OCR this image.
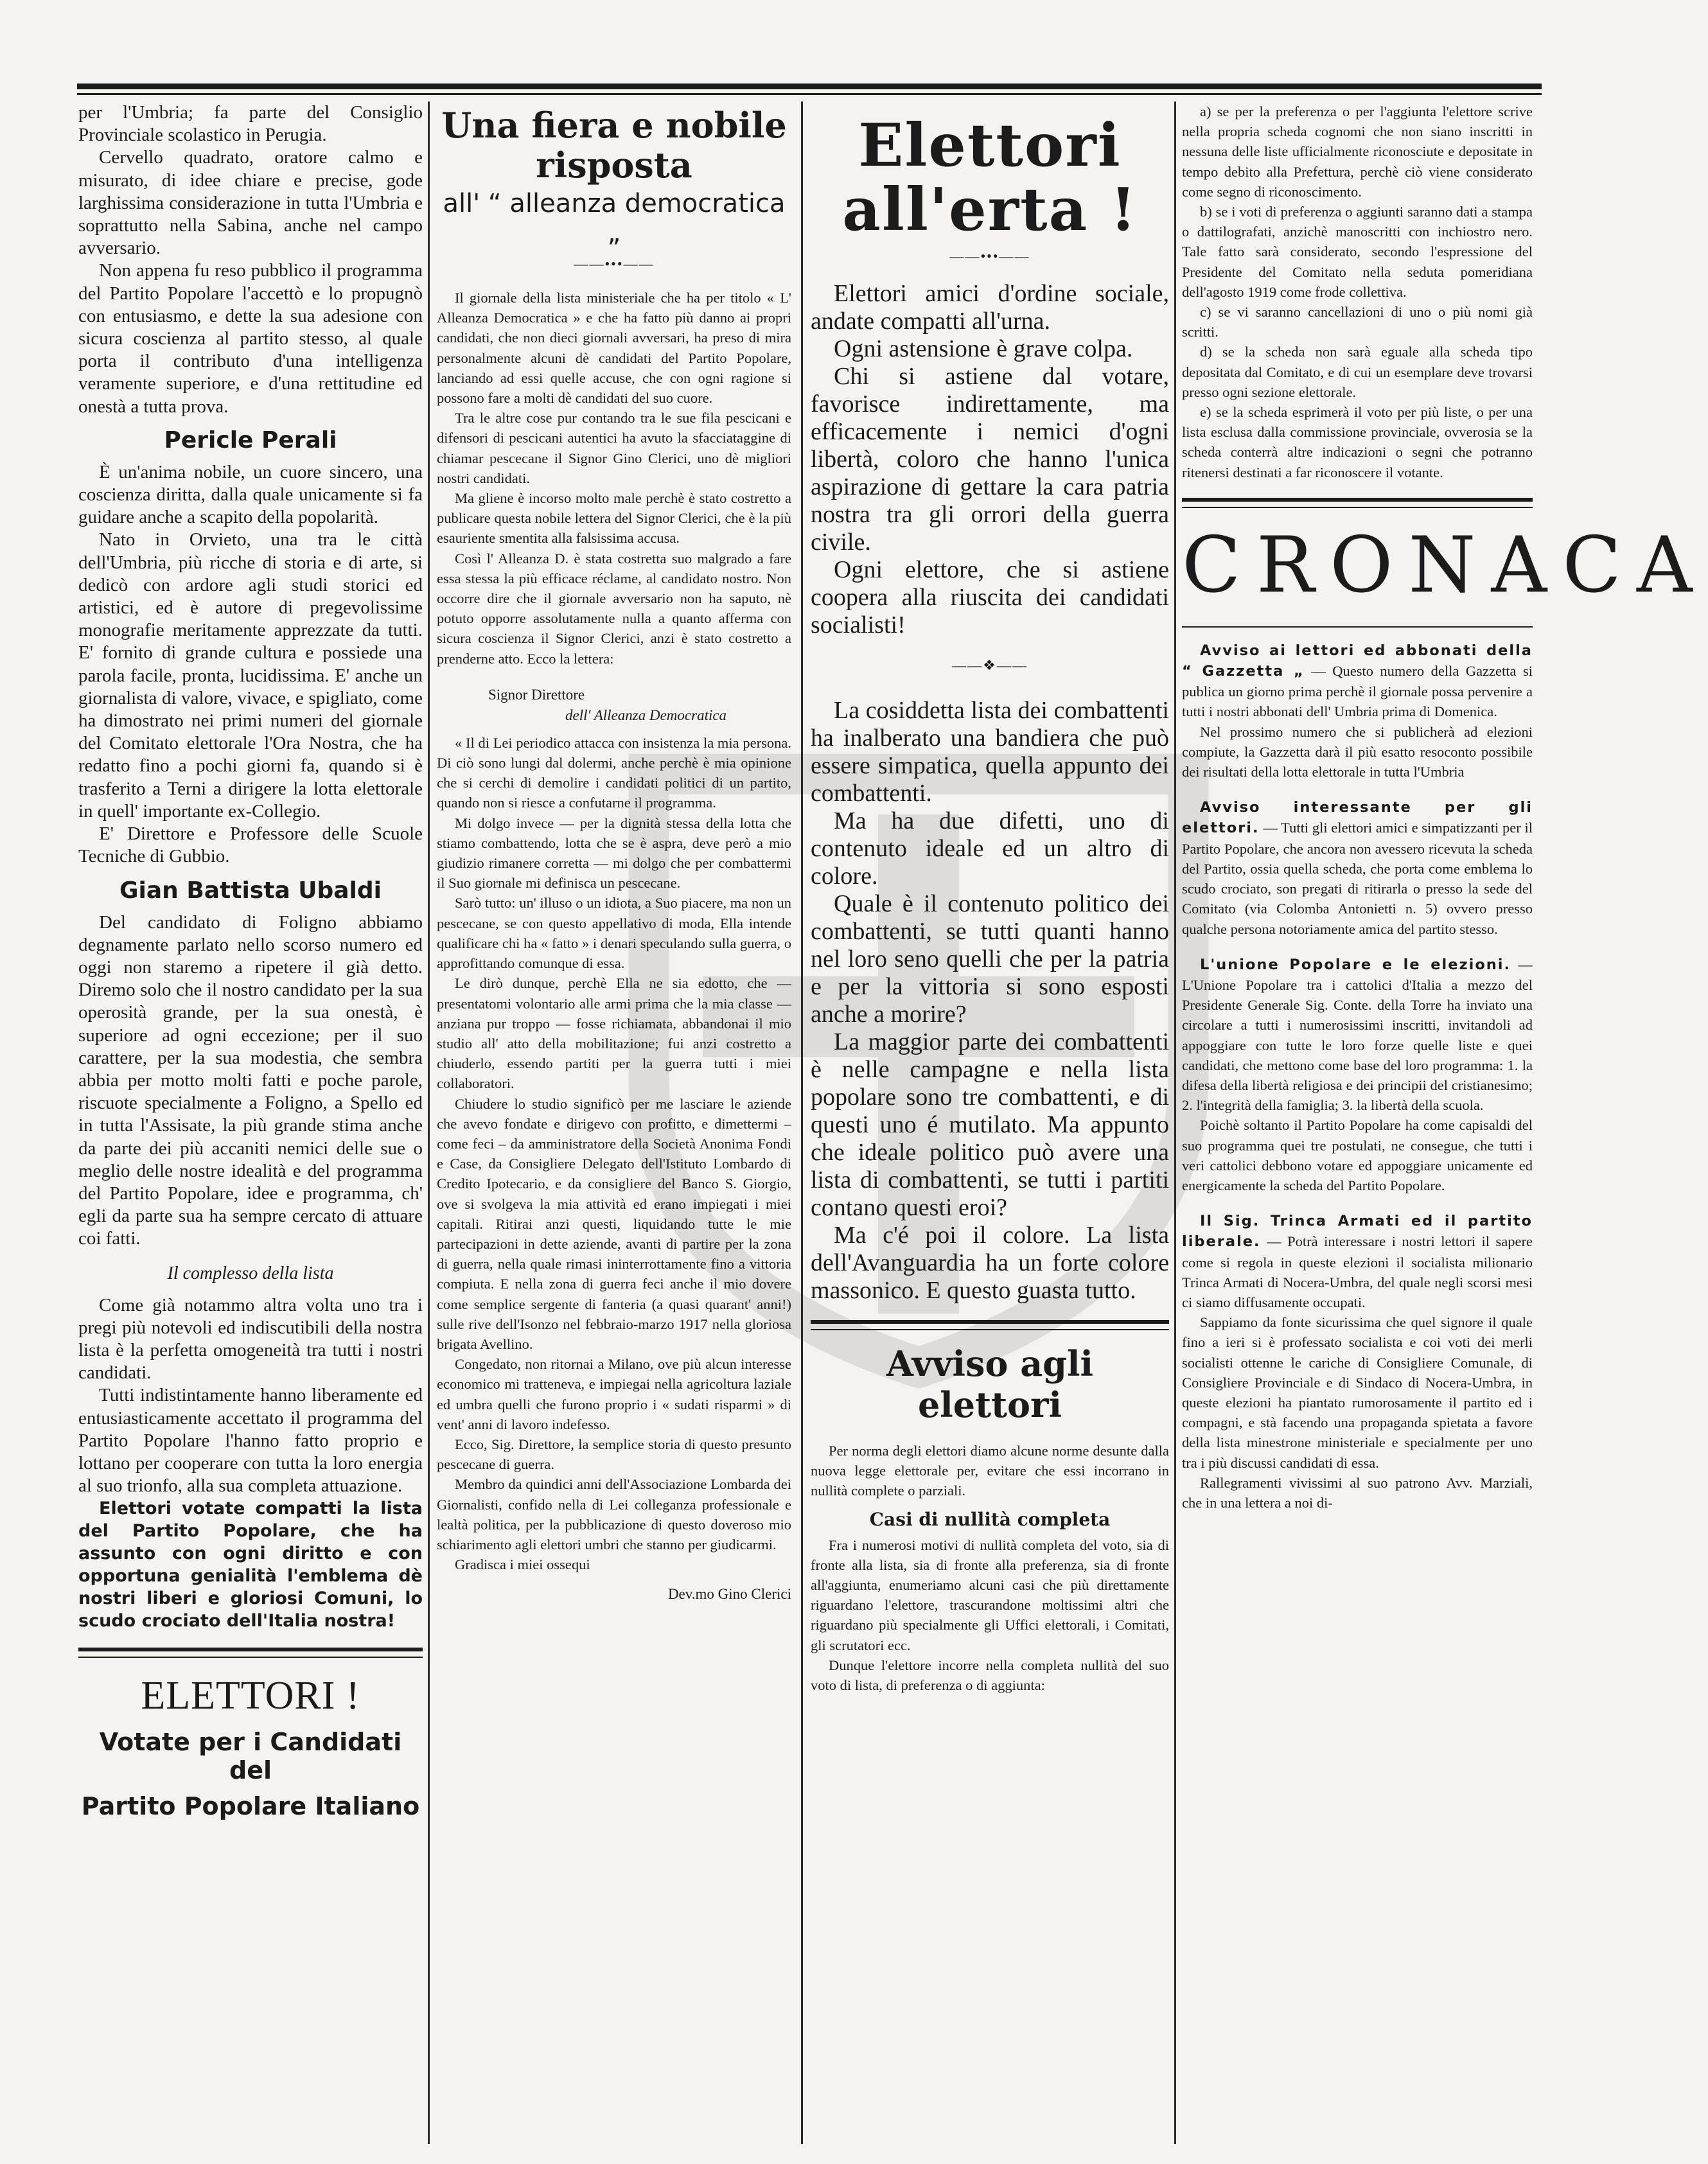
per l'Umbria; fa parte del Consiglio Provinciale scolastico in Perugia.

Cervello quadrato, oratore calmo e misurato, di idee chiare e precise, gode larghissima considerazione in tutta l'Umbria e soprattutto nella Sabina, anche nel campo avversario.

Non appena fu reso pubblico il programma del Partito Popolare l'accettò e lo propugnò con entusiasmo, e dette la sua adesione con sicura coscienza al partito stesso, al quale porta il contributo d'una intelligenza veramente superiore, e d'una rettitudine ed onestà a tutta prova.

Pericle Perali

È un'anima nobile, un cuore sincero, una coscienza diritta, dalla quale unicamente si fa guidare anche a scapito della popolarità.

Nato in Orvieto, una tra le città dell'Umbria, più ricche di storia e di arte, si dedicò con ardore agli studi storici ed artistici, ed è autore di pregevolissime monografie meritamente apprezzate da tutti. E' fornito di grande cultura e possiede una parola facile, pronta, lucidissima. E' anche un giornalista di valore, vivace, e spigliato, come ha dimostrato nei primi numeri del giornale del Comitato elettorale l'Ora Nostra, che ha redatto fino a pochi giorni fa, quando si è trasferito a Terni a dirigere la lotta elettorale in quell' importante ex-Collegio.

E' Direttore e Professore delle Scuole Tecniche di Gubbio.

Gian Battista Ubaldi

Del candidato di Foligno abbiamo degnamente parlato nello scorso numero ed oggi non staremo a ripetere il già detto. Diremo solo che il nostro candidato per la sua operosità grande, per la sua onestà, è superiore ad ogni eccezione; per il suo carattere, per la sua modestia, che sembra abbia per motto molti fatti e poche parole, riscuote specialmente a Foligno, a Spello ed in tutta l'Assisate, la più grande stima anche da parte dei più accaniti nemici delle sue o meglio delle nostre idealità e del programma del Partito Popolare, idee e programma, ch' egli da parte sua ha sempre cercato di attuare coi fatti.

Il complesso della lista

Come già notammo altra volta uno tra i pregi più notevoli ed indiscutibili della nostra lista è la perfetta omogeneità tra tutti i nostri candidati.

Tutti indistintamente hanno liberamente ed entusiasticamente accettato il programma del Partito Popolare l'hanno fatto proprio e lottano per cooperare con tutta la loro energia al suo trionfo, alla sua completa attuazione.

Elettori votate compatti la lista del Partito Popolare, che ha assunto con ogni diritto e con opportuna genialità l'emblema dè nostri liberi e gloriosi Comuni, lo scudo crociato dell'Italia nostra!

ELETTORI !
Votate per i Candidati del
Partito Popolare Italiano
Una fiera e nobile risposta
all' “ alleanza democratica „
——•••——

Il giornale della lista ministeriale che ha per titolo « L' Alleanza Democratica » e che ha fatto più danno ai propri candidati, che non dieci giornali avversari, ha preso di mira personalmente alcuni dè candidati del Partito Popolare, lanciando ad essi quelle accuse, che con ogni ragione si possono fare a molti dè candidati del suo cuore.

Tra le altre cose pur contando tra le sue fila pescicani e difensori di pescicani autentici ha avuto la sfacciataggine di chiamar pescecane il Signor Gino Clerici, uno dè migliori nostri candidati.

Ma gliene è incorso molto male perchè è stato costretto a publicare questa nobile lettera del Signor Clerici, che è la più esauriente smentita alla falsissima accusa.

Così l' Alleanza D. è stata costretta suo malgrado a fare essa stessa la più efficace réclame, al candidato nostro. Non occorre dire che il giornale avversario non ha saputo, nè potuto opporre assolutamente nulla a quanto afferma con sicura coscienza il Signor Clerici, anzi è stato costretto a prenderne atto. Ecco la lettera:

Signor Direttore
dell' Alleanza Democratica

« Il di Lei periodico attacca con insistenza la mia persona. Di ciò sono lungi dal dolermi, anche perchè è mia opinione che si cerchi di demolire i candidati politici di un partito, quando non si riesce a confutarne il programma.

Mi dolgo invece — per la dignità stessa della lotta che stiamo combattendo, lotta che se è aspra, deve però a mio giudizio rimanere corretta — mi dolgo che per combattermi il Suo giornale mi definisca un pescecane.

Sarò tutto: un' illuso o un idiota, a Suo piacere, ma non un pescecane, se con questo appellativo di moda, Ella intende qualificare chi ha « fatto » i denari speculando sulla guerra, o approfittando comunque di essa.

Le dirò dunque, perchè Ella ne sia edotto, che — presentatomi volontario alle armi prima che la mia classe — anziana pur troppo — fosse richiamata, abbandonai il mio studio all' atto della mobilitazione; fui anzi costretto a chiuderlo, essendo partiti per la guerra tutti i miei collaboratori.

Chiudere lo studio significò per me lasciare le aziende che avevo fondate e dirigevo con profitto, e dimettermi – come feci – da amministratore della Società Anonima Fondi e Case, da Consigliere Delegato dell'Istituto Lombardo di Credito Ipotecario, e da consigliere del Banco S. Giorgio, ove si svolgeva la mia attività ed erano impiegati i miei capitali. Ritirai anzi questi, liquidando tutte le mie partecipazioni in dette aziende, avanti di partire per la zona di guerra, nella quale rimasi ininterrottamente fino a vittoria compiuta. E nella zona di guerra feci anche il mio dovere come semplice sergente di fanteria (a quasi quarant' anni!) sulle rive dell'Isonzo nel febbraio-marzo 1917 nella gloriosa brigata Avellino.

Congedato, non ritornai a Milano, ove più alcun interesse economico mi tratteneva, e impiegai nella agricoltura laziale ed umbra quelli che furono proprio i « sudati risparmi » di vent' anni di lavoro indefesso.

Ecco, Sig. Direttore, la semplice storia di questo presunto pescecane di guerra.

Membro da quindici anni dell'Associazione Lombarda dei Giornalisti, confido nella di Lei colleganza professionale e lealtà politica, per la pubblicazione di questo doveroso mio schiarimento agli elettori umbri che stanno per giudicarmi.

Gradisca i miei ossequi

Dev.mo Gino Clerici
Elettori all'erta !
——•••——

Elettori amici d'ordine sociale, andate compatti all'urna.

Ogni astensione è grave colpa.

Chi si astiene dal votare, favorisce indirettamente, ma efficacemente i nemici d'ogni libertà, coloro che hanno l'unica aspirazione di gettare la cara patria nostra tra gli orrori della guerra civile.

Ogni elettore, che si astiene coopera alla riuscita dei candidati socialisti!

——❖——

La cosiddetta lista dei combattenti ha inalberato una bandiera che può essere simpatica, quella appunto dei combattenti.

Ma ha due difetti, uno di contenuto ideale ed un altro di colore.

Quale è il contenuto politico dei combattenti, se tutti quanti hanno nel loro seno quelli che per la patria e per la vittoria si sono esposti anche a morire?

La maggior parte dei combattenti è nelle campagne e nella lista popolare sono tre combattenti, e di questi uno é mutilato. Ma appunto che ideale politico può avere una lista di combattenti, se tutti i partiti contano questi eroi?

Ma c'é poi il colore. La lista dell'Avanguardia ha un forte colore massonico. E questo guasta tutto.

Avviso agli elettori

Per norma degli elettori diamo alcune norme desunte dalla nuova legge elettorale per, evitare che essi incorrano in nullità complete o parziali.

Casi di nullità completa

Fra i numerosi motivi di nullità completa del voto, sia di fronte alla lista, sia di fronte alla preferenza, sia di fronte all'aggiunta, enumeriamo alcuni casi che più direttamente riguardano l'elettore, trascurandone moltissimi altri che riguardano più specialmente gli Uffici elettorali, i Comitati, gli scrutatori ecc.

Dunque l'elettore incorre nella completa nullità del suo voto di lista, di preferenza o di aggiunta:

a) se per la preferenza o per l'aggiunta l'elettore scrive nella propria scheda cognomi che non siano inscritti in nessuna delle liste ufficialmente riconosciute e depositate in tempo debito alla Prefettura, perchè ciò viene considerato come segno di riconoscimento.

b) se i voti di preferenza o aggiunti saranno dati a stampa o dattilografati, anzichè manoscritti con inchiostro nero. Tale fatto sarà considerato, secondo l'espressione del Presidente del Comitato nella seduta pomeridiana dell'agosto 1919 come frode collettiva.

c) se vi saranno cancellazioni di uno o più nomi già scritti.

d) se la scheda non sarà eguale alla scheda tipo depositata dal Comitato, e di cui un esemplare deve trovarsi presso ogni sezione elettorale.

e) se la scheda esprimerà il voto per più liste, o per una lista esclusa dalla commissione provinciale, ovverosia se la scheda conterrà altre indicazioni o segni che potranno ritenersi destinati a far riconoscere il votante.

CRONACA

Avviso ai lettori ed abbonati della “ Gazzetta „ — Questo numero della Gazzetta si publica un giorno prima perchè il giornale possa pervenire a tutti i nostri abbonati dell' Umbria prima di Domenica.

Nel prossimo numero che si publicherà ad elezioni compiute, la Gazzetta darà il più esatto resoconto possibile dei risultati della lotta elettorale in tutta l'Umbria

Avviso interessante per gli elettori. — Tutti gli elettori amici e simpatizzanti per il Partito Popolare, che ancora non avessero ricevuta la scheda del Partito, ossia quella scheda, che porta come emblema lo scudo crociato, son pregati di ritirarla o presso la sede del Comitato (via Colomba Antonietti n. 5) ovvero presso qualche persona notoriamente amica del partito stesso.

L'unione Popolare e le elezioni. — L'Unione Popolare tra i cattolici d'Italia a mezzo del Presidente Generale Sig. Conte. della Torre ha inviato una circolare a tutti i numerosissimi inscritti, invitandoli ad appoggiare con tutte le loro forze quelle liste e quei candidati, che mettono come base del loro programma: 1. la difesa della libertà religiosa e dei principii del cristianesimo; 2. l'integrità della famiglia; 3. la libertà della scuola.

Poichè soltanto il Partito Popolare ha come capisaldi del suo programma quei tre postulati, ne consegue, che tutti i veri cattolici debbono votare ed appoggiare unicamente ed energicamente la scheda del Partito Popolare.

Il Sig. Trinca Armati ed il partito liberale. — Potrà interessare i nostri lettori il sapere come si regola in queste elezioni il socialista milionario Trinca Armati di Nocera-Umbra, del quale negli scorsi mesi ci siamo diffusamente occupati.

Sappiamo da fonte sicurissima che quel signore il quale fino a ieri si è professato socialista e coi voti dei merli socialisti ottenne le cariche di Consigliere Comunale, di Consigliere Provinciale e di Sindaco di Nocera-Umbra, in queste elezioni ha piantato rumorosamente il partito ed i compagni, e stà facendo una propaganda spietata a favore della lista minestrone ministeriale e specialmente per uno tra i più discussi candidati di essa.

Rallegramenti vivissimi al suo patrono Avv. Marziali, che in una lettera a noi di-
